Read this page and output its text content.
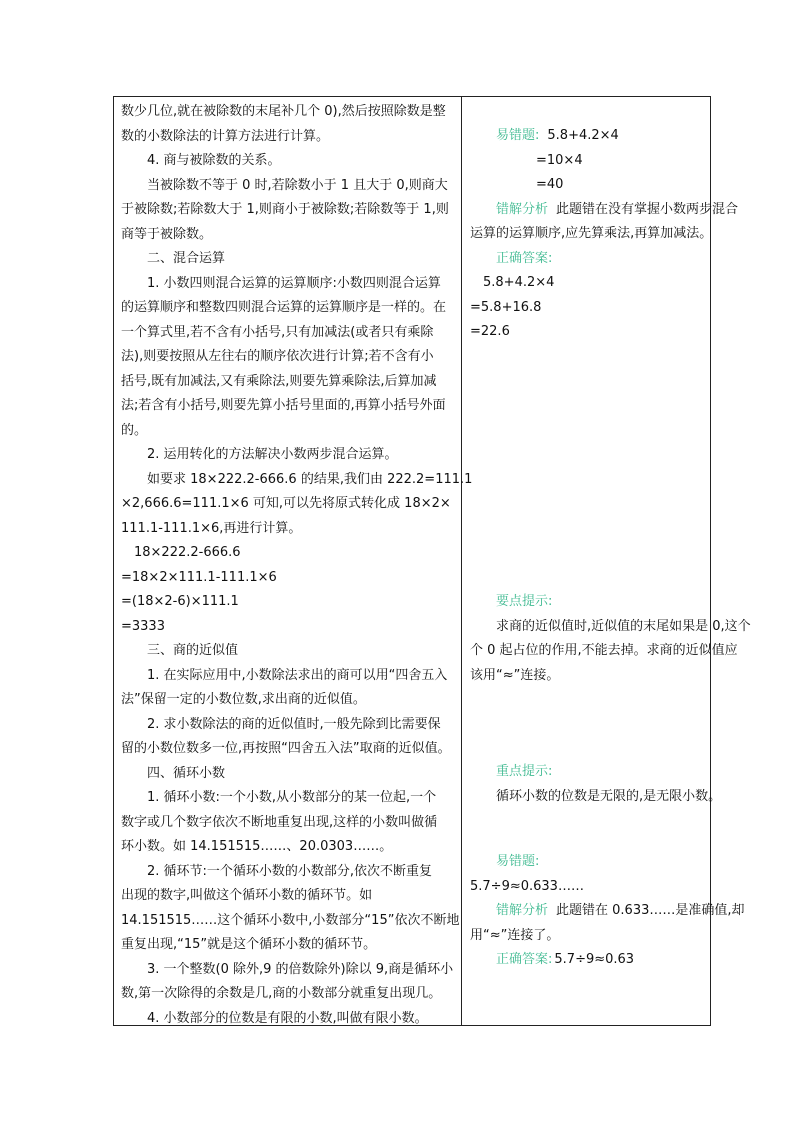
数少几位,就在被除数的末尾补几个 0),然后按照除数是整
数的小数除法的计算方法进行计算。
4. 商与被除数的关系。
当被除数不等于 0 时,若除数小于 1 且大于 0,则商大
于被除数;若除数大于 1,则商小于被除数;若除数等于 1,则
商等于被除数。
二、混合运算
1. 小数四则混合运算的运算顺序:小数四则混合运算
的运算顺序和整数四则混合运算的运算顺序是一样的。在
一个算式里,若不含有小括号,只有加减法(或者只有乘除
法),则要按照从左往右的顺序依次进行计算;若不含有小
括号,既有加减法,又有乘除法,则要先算乘除法,后算加减
法;若含有小括号,则要先算小括号里面的,再算小括号外面
的。
2. 运用转化的方法解决小数两步混合运算。
如要求 18×222.2-666.6 的结果,我们由 222.2=111.1
×2,666.6=111.1×6 可知,可以先将原式转化成 18×2×
111.1-111.1×6,再进行计算。
18×222.2-666.6
=18×2×111.1-111.1×6
=(18×2-6)×111.1
=3333
三、商的近似值
1. 在实际应用中,小数除法求出的商可以用“四舍五入
法”保留一定的小数位数,求出商的近似值。
2. 求小数除法的商的近似值时,一般先除到比需要保
留的小数位数多一位,再按照“四舍五入法”取商的近似值。
四、循环小数
1. 循环小数:一个小数,从小数部分的某一位起,一个
数字或几个数字依次不断地重复出现,这样的小数叫做循
环小数。如 14.151515……、20.0303……。
2. 循环节:一个循环小数的小数部分,依次不断重复
出现的数字,叫做这个循环小数的循环节。如
14.151515……这个循环小数中,小数部分“15”依次不断地
重复出现,“15”就是这个循环小数的循环节。
3. 一个整数(0 除外,9 的倍数除外)除以 9,商是循环小
数,第一次除得的余数是几,商的小数部分就重复出现几。
4. 小数部分的位数是有限的小数,叫做有限小数。
易错题: 5.8+4.2×4
=10×4
=40
错解分析 此题错在没有掌握小数两步混合
运算的运算顺序,应先算乘法,再算加减法。
正确答案:
5.8+4.2×4
=5.8+16.8
=22.6
要点提示:
求商的近似值时,近似值的末尾如果是 0,这个
个 0 起占位的作用,不能去掉。求商的近似值应
该用“≈”连接。
重点提示:
循环小数的位数是无限的,是无限小数。
易错题:
5.7÷9≈0.633……
错解分析 此题错在 0.633……是准确值,却
用“≈”连接了。
正确答案: 5.7÷9≈0.63
